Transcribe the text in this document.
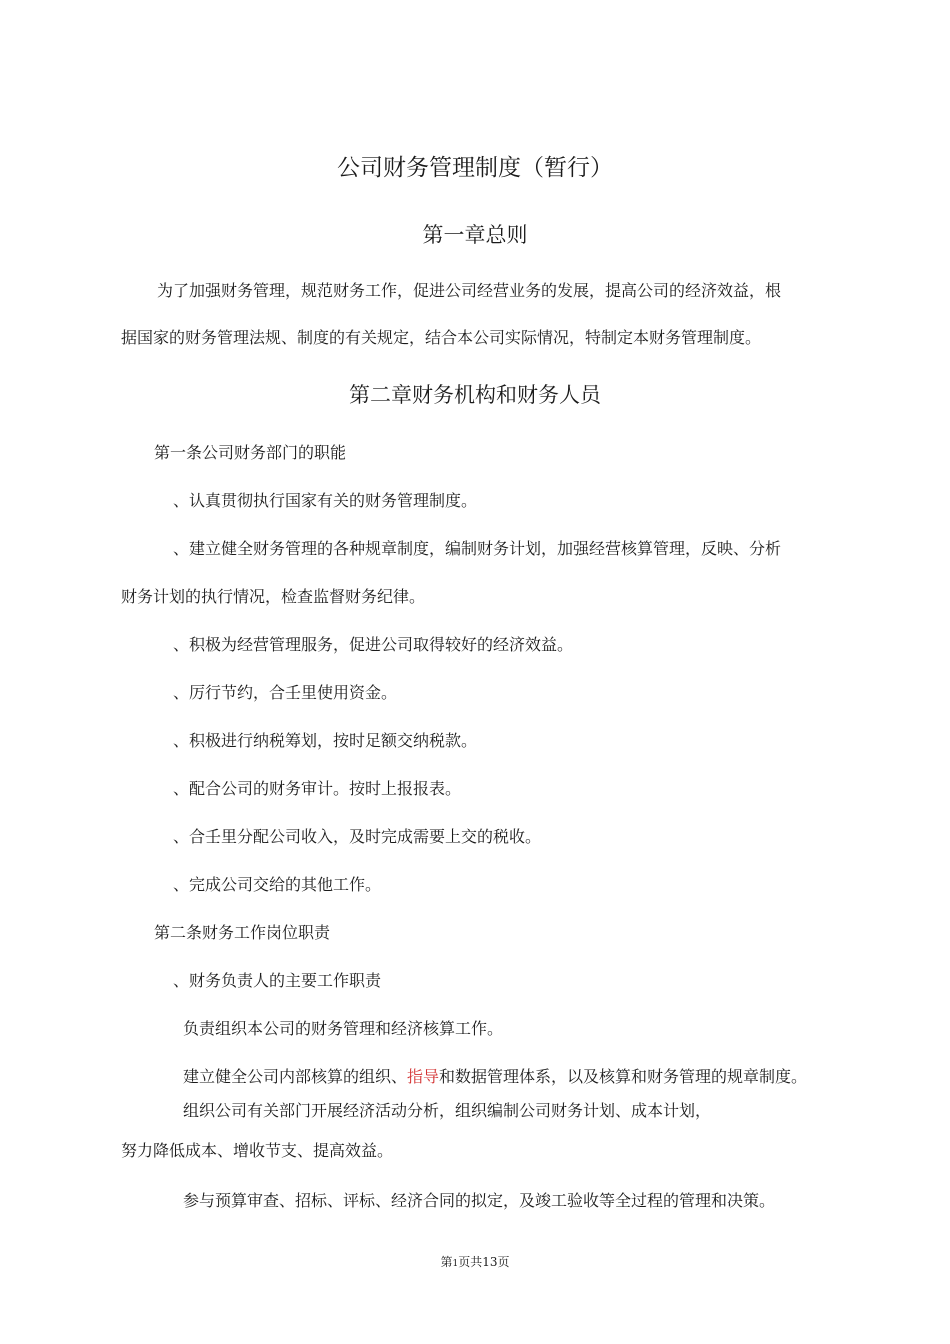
公司财务管理制度（暂行）
第一章总则
为了加强财务管理，规范财务工作，促进公司经营业务的发展，提高公司的经济效益，根
据国家的财务管理法规、制度的有关规定，结合本公司实际情况，特制定本财务管理制度。
第二章财务机构和财务人员
第一条公司财务部门的职能
、认真贯彻执行国家有关的财务管理制度。
、建立健全财务管理的各种规章制度，编制财务计划，加强经营核算管理，反映、分析
财务计划的执行情况，检查监督财务纪律。
、积极为经营管理服务，促进公司取得较好的经济效益。
、厉行节约，合壬里使用资金。
、积极进行纳税筹划，按时足额交纳税款。
、配合公司的财务审计。按时上报报表。
、合壬里分配公司收入，及时完成需要上交的税收。
、完成公司交给的其他工作。
第二条财务工作岗位职责
、财务负责人的主要工作职责
负责组织本公司的财务管理和经济核算工作。
建立健全公司内部核算的组织、指导和数据管理体系，以及核算和财务管理的规章制度。
组织公司有关部门开展经济活动分析，组织编制公司财务计划、成本计划，
努力降低成本、增收节支、提高效益。
参与预算审查、招标、评标、经济合同的拟定，及竣工验收等全过程的管理和决策。
第1页共13页
